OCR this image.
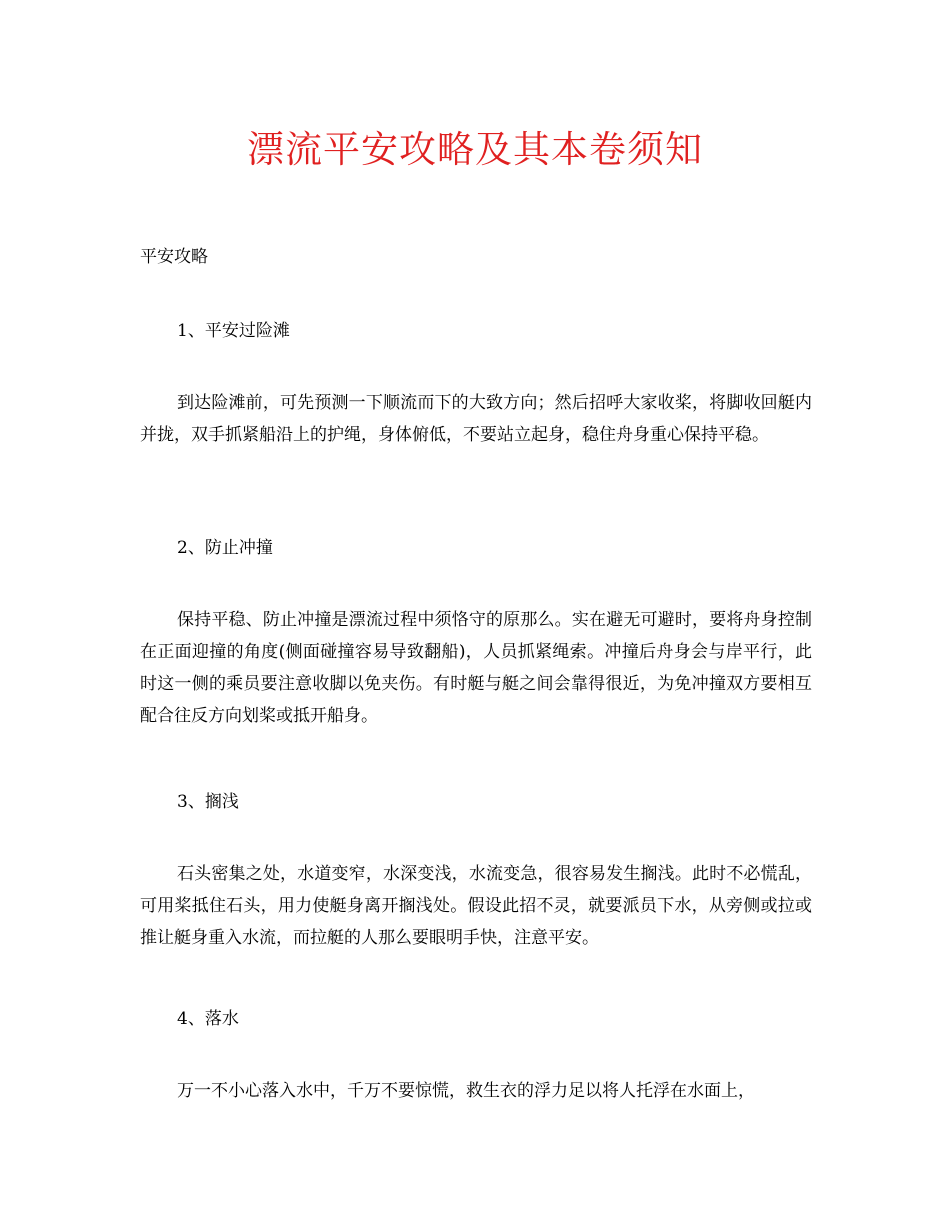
漂流平安攻略及其本卷须知
平安攻略
1、平安过险滩

到达险滩前，可先预测一下顺流而下的大致方向；然后招呼大家收桨，将脚收回艇内并拢，双手抓紧船沿上的护绳，身体俯低，不要站立起身，稳住舟身重心保持平稳。

2、防止冲撞

保持平稳、防止冲撞是漂流过程中须恪守的原那么。实在避无可避时，要将舟身控制在正面迎撞的角度(侧面碰撞容易导致翻船)，人员抓紧绳索。冲撞后舟身会与岸平行，此时这一侧的乘员要注意收脚以免夹伤。有时艇与艇之间会靠得很近，为免冲撞双方要相互配合往反方向划桨或抵开船身。

3、搁浅

石头密集之处，水道变窄，水深变浅，水流变急，很容易发生搁浅。此时不必慌乱，可用桨抵住石头，用力使艇身离开搁浅处。假设此招不灵，就要派员下水，从旁侧或拉或推让艇身重入水流，而拉艇的人那么要眼明手快，注意平安。

4、落水

万一不小心落入水中，千万不要惊慌，救生衣的浮力足以将人托浮在水面上，
